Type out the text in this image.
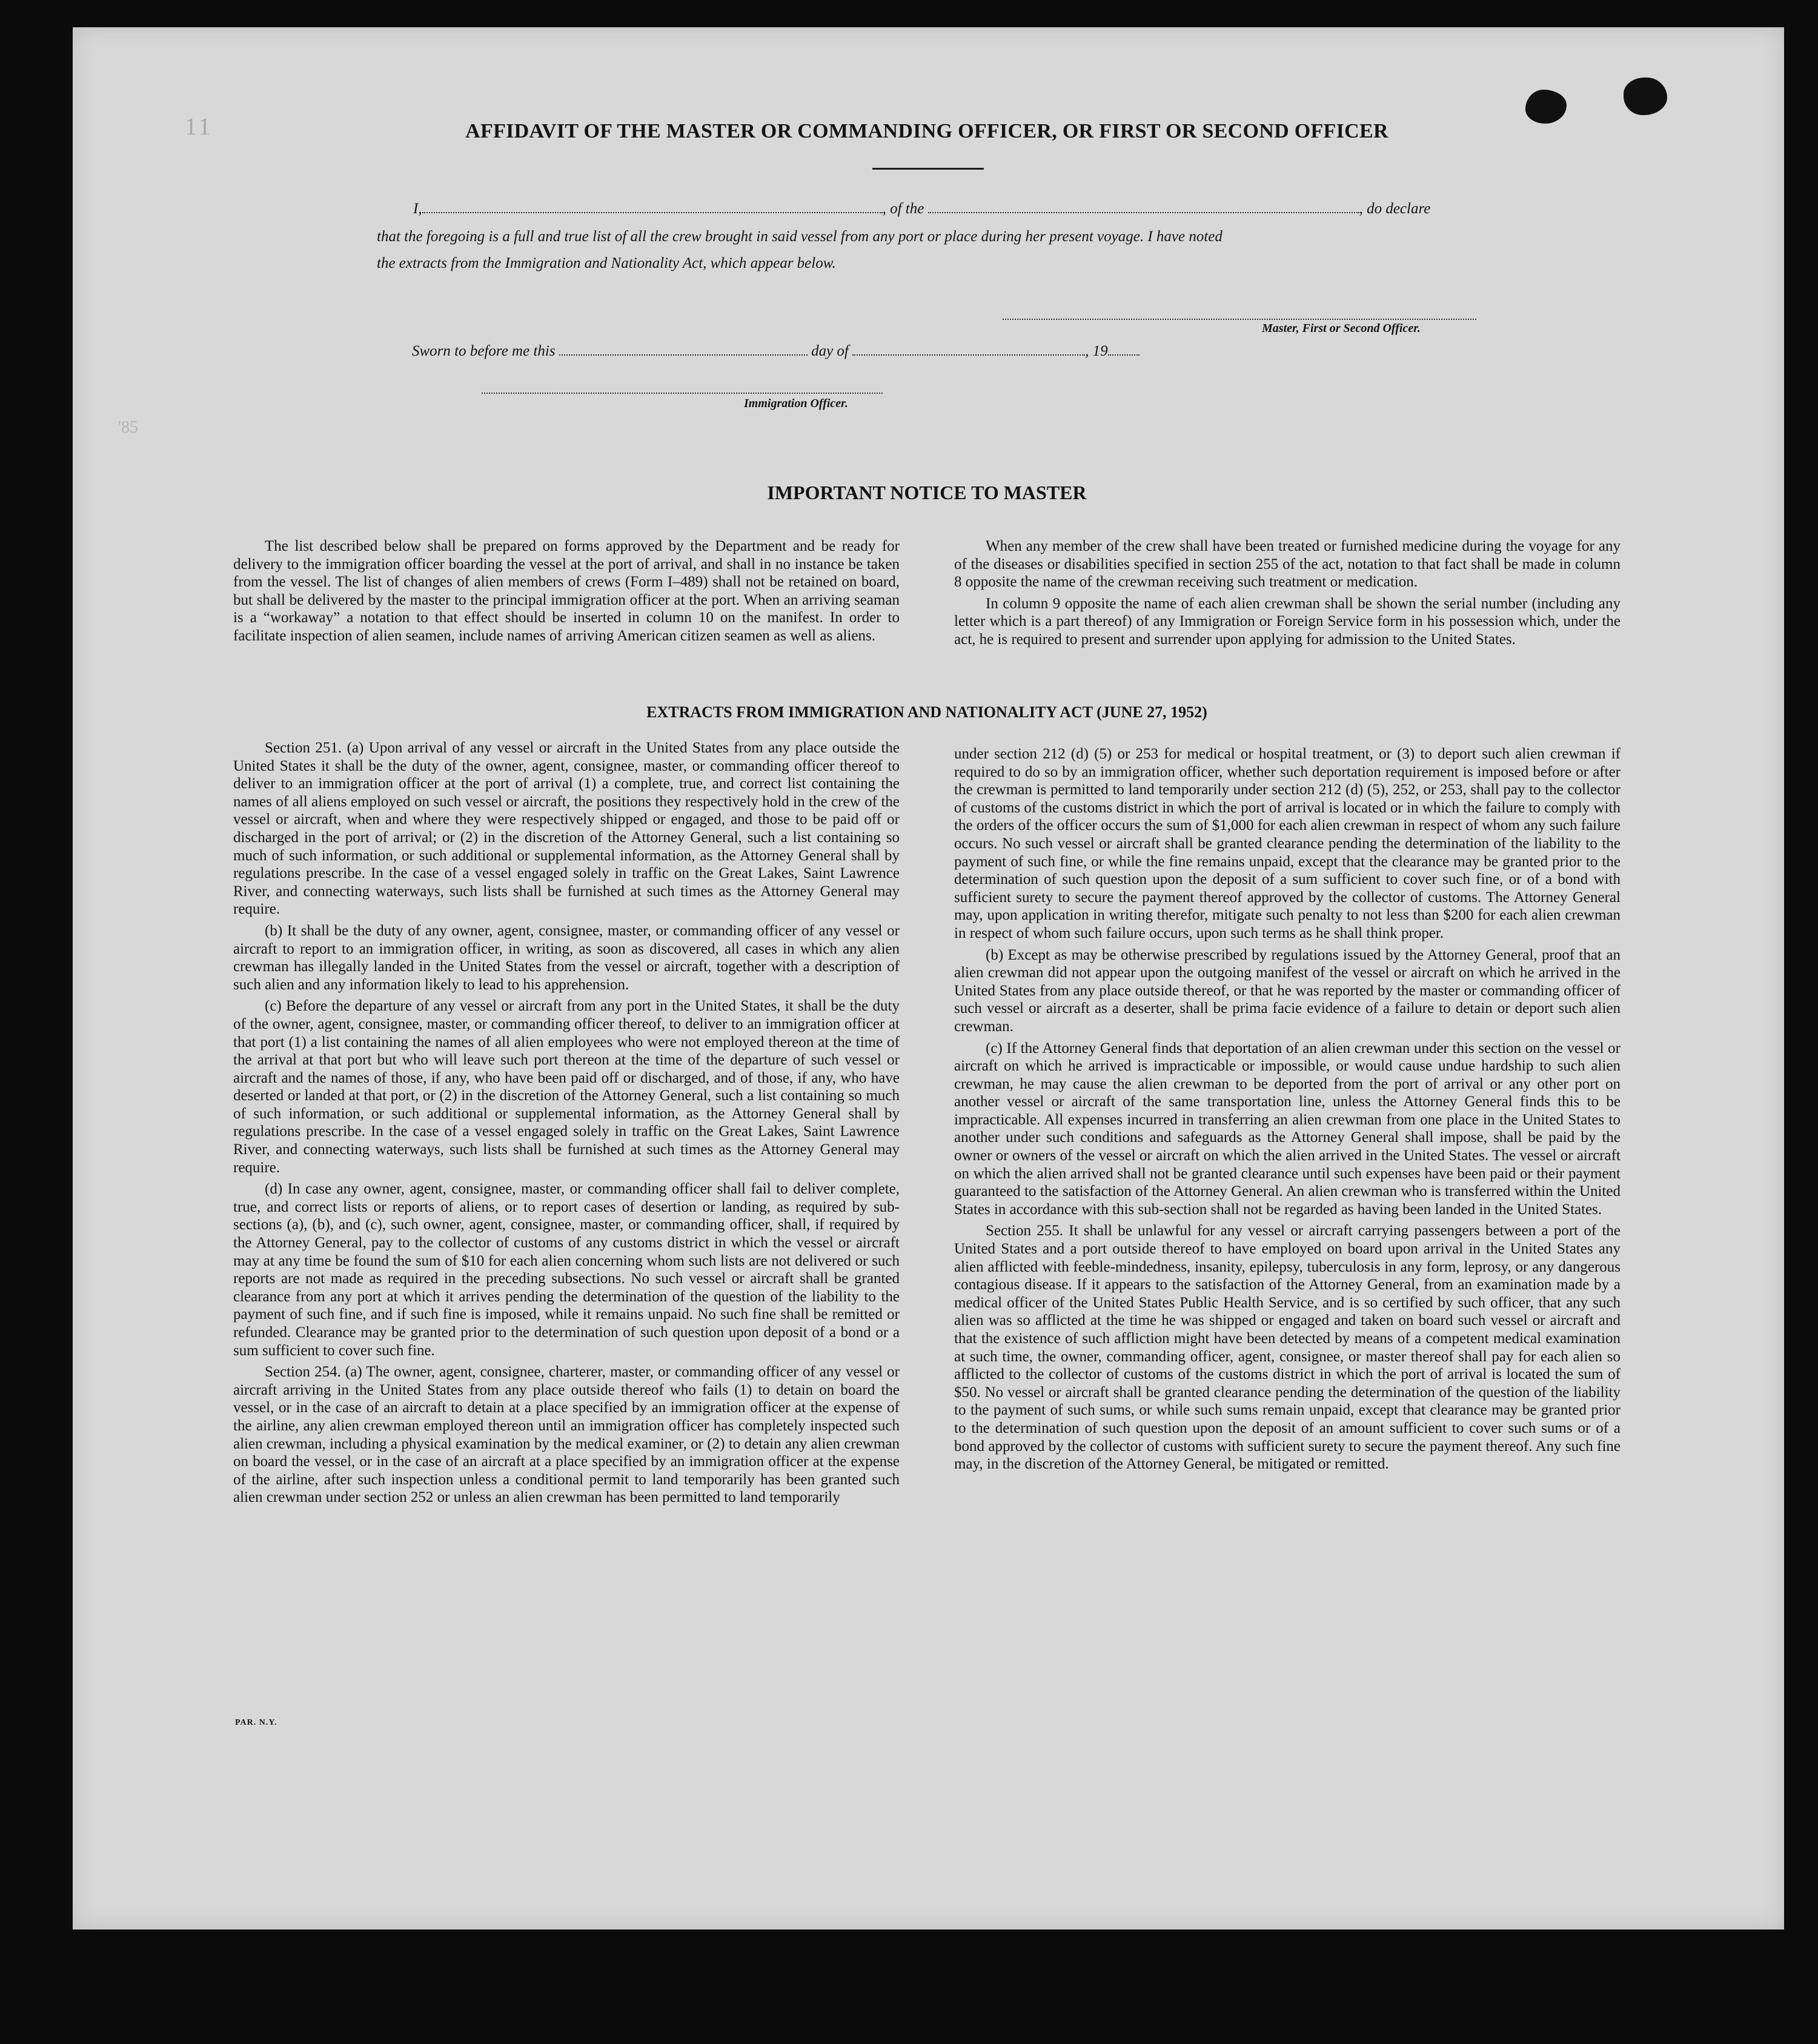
11
'85
AFFIDAVIT OF THE MASTER OR COMMANDING OFFICER, OR FIRST OR SECOND OFFICER
I,	, of the	, do declare
that the foregoing is a full and true list of all the crew brought in said vessel from any port or place during her present voyage. I have noted
the extracts from the Immigration and Nationality Act, which appear below.
Master, First or Second Officer.
Sworn to before me this	day of	, 19
Immigration Officer.
IMPORTANT NOTICE TO MASTER

The list described below shall be prepared on forms approved by the Department and be ready for delivery to the immigration officer boarding the vessel at the port of arrival, and shall in no instance be taken from the vessel. The list of changes of alien members of crews (Form I–489) shall not be retained on board, but shall be delivered by the master to the principal immigration officer at the port. When an arriving seaman is a “workaway” a notation to that effect should be inserted in column 10 on the manifest. In order to facilitate inspection of alien seamen, include names of arriving American citizen seamen as well as aliens.

When any member of the crew shall have been treated or furnished medicine during the voyage for any of the diseases or disabilities specified in section 255 of the act, notation to that fact shall be made in column 8 opposite the name of the crewman receiving such treatment or medication.

In column 9 opposite the name of each alien crewman shall be shown the serial number (including any letter which is a part thereof) of any Immigration or Foreign Service form in his possession which, under the act, he is required to present and surrender upon applying for admission to the United States.

EXTRACTS FROM IMMIGRATION AND NATIONALITY ACT (JUNE 27, 1952)

Section 251. (a) Upon arrival of any vessel or aircraft in the United States from any place outside the United States it shall be the duty of the owner, agent, consignee, master, or commanding officer thereof to deliver to an immigration officer at the port of arrival (1) a complete, true, and correct list containing the names of all aliens employed on such vessel or aircraft, the positions they respectively hold in the crew of the vessel or aircraft, when and where they were respectively shipped or engaged, and those to be paid off or discharged in the port of arrival; or (2) in the discretion of the Attorney General, such a list containing so much of such information, or such additional or supplemental information, as the Attorney General shall by regulations prescribe. In the case of a vessel engaged solely in traffic on the Great Lakes, Saint Lawrence River, and connecting waterways, such lists shall be furnished at such times as the Attorney General may require.

(b) It shall be the duty of any owner, agent, consignee, master, or commanding officer of any vessel or aircraft to report to an immigration officer, in writing, as soon as discovered, all cases in which any alien crewman has illegally landed in the United States from the vessel or aircraft, together with a description of such alien and any information likely to lead to his apprehension.

(c) Before the departure of any vessel or aircraft from any port in the United States, it shall be the duty of the owner, agent, consignee, master, or commanding officer thereof, to deliver to an immigration officer at that port (1) a list containing the names of all alien employees who were not employed thereon at the time of the arrival at that port but who will leave such port thereon at the time of the departure of such vessel or aircraft and the names of those, if any, who have been paid off or discharged, and of those, if any, who have deserted or landed at that port, or (2) in the discretion of the Attorney General, such a list containing so much of such information, or such additional or supplemental information, as the Attorney General shall by regulations prescribe. In the case of a vessel engaged solely in traffic on the Great Lakes, Saint Lawrence River, and connecting waterways, such lists shall be furnished at such times as the Attorney General may require.

(d) In case any owner, agent, consignee, master, or commanding officer shall fail to deliver complete, true, and correct lists or reports of aliens, or to report cases of desertion or landing, as required by sub-sections (a), (b), and (c), such owner, agent, consignee, master, or commanding officer, shall, if required by the Attorney General, pay to the collector of customs of any customs district in which the vessel or aircraft may at any time be found the sum of $10 for each alien concerning whom such lists are not delivered or such reports are not made as required in the preceding subsections. No such vessel or aircraft shall be granted clearance from any port at which it arrives pending the determination of the question of the liability to the payment of such fine, and if such fine is imposed, while it remains unpaid. No such fine shall be remitted or refunded. Clearance may be granted prior to the determination of such question upon deposit of a bond or a sum sufficient to cover such fine.

Section 254. (a) The owner, agent, consignee, charterer, master, or commanding officer of any vessel or aircraft arriving in the United States from any place outside thereof who fails (1) to detain on board the vessel, or in the case of an aircraft to detain at a place specified by an immigration officer at the expense of the airline, any alien crewman employed thereon until an immigration officer has completely inspected such alien crewman, including a physical examination by the medical examiner, or (2) to detain any alien crewman on board the vessel, or in the case of an aircraft at a place specified by an immigration officer at the expense of the airline, after such inspection unless a conditional permit to land temporarily has been granted such alien crewman under section 252 or unless an alien crewman has been permitted to land temporarily

under section 212 (d) (5) or 253 for medical or hospital treatment, or (3) to deport such alien crewman if required to do so by an immigration officer, whether such deportation requirement is imposed before or after the crewman is permitted to land temporarily under section 212 (d) (5), 252, or 253, shall pay to the collector of customs of the customs district in which the port of arrival is located or in which the failure to comply with the orders of the officer occurs the sum of $1,000 for each alien crewman in respect of whom any such failure occurs. No such vessel or aircraft shall be granted clearance pending the determination of the liability to the payment of such fine, or while the fine remains unpaid, except that the clearance may be granted prior to the determination of such question upon the deposit of a sum sufficient to cover such fine, or of a bond with sufficient surety to secure the payment thereof approved by the collector of customs. The Attorney General may, upon application in writing therefor, mitigate such penalty to not less than $200 for each alien crewman in respect of whom such failure occurs, upon such terms as he shall think proper.

(b) Except as may be otherwise prescribed by regulations issued by the Attorney General, proof that an alien crewman did not appear upon the outgoing manifest of the vessel or aircraft on which he arrived in the United States from any place outside thereof, or that he was reported by the master or commanding officer of such vessel or aircraft as a deserter, shall be prima facie evidence of a failure to detain or deport such alien crewman.

(c) If the Attorney General finds that deportation of an alien crewman under this section on the vessel or aircraft on which he arrived is impracticable or impossible, or would cause undue hardship to such alien crewman, he may cause the alien crewman to be deported from the port of arrival or any other port on another vessel or aircraft of the same transportation line, unless the Attorney General finds this to be impracticable. All expenses incurred in transferring an alien crewman from one place in the United States to another under such conditions and safeguards as the Attorney General shall impose, shall be paid by the owner or owners of the vessel or aircraft on which the alien arrived in the United States. The vessel or aircraft on which the alien arrived shall not be granted clearance until such expenses have been paid or their payment guaranteed to the satisfaction of the Attorney General. An alien crewman who is transferred within the United States in accordance with this sub-section shall not be regarded as having been landed in the United States.

Section 255. It shall be unlawful for any vessel or aircraft carrying passengers between a port of the United States and a port outside thereof to have employed on board upon arrival in the United States any alien afflicted with feeble-mindedness, insanity, epilepsy, tuberculosis in any form, leprosy, or any dangerous contagious disease. If it appears to the satisfaction of the Attorney General, from an examination made by a medical officer of the United States Public Health Service, and is so certified by such officer, that any such alien was so afflicted at the time he was shipped or engaged and taken on board such vessel or aircraft and that the existence of such affliction might have been detected by means of a competent medical examination at such time, the owner, commanding officer, agent, consignee, or master thereof shall pay for each alien so afflicted to the collector of customs of the customs district in which the port of arrival is located the sum of $50. No vessel or aircraft shall be granted clearance pending the determination of the question of the liability to the payment of such sums, or while such sums remain unpaid, except that clearance may be granted prior to the determination of such question upon the deposit of an amount sufficient to cover such sums or of a bond approved by the collector of customs with sufficient surety to secure the payment thereof. Any such fine may, in the discretion of the Attorney General, be mitigated or remitted.

PAR. N.Y.
